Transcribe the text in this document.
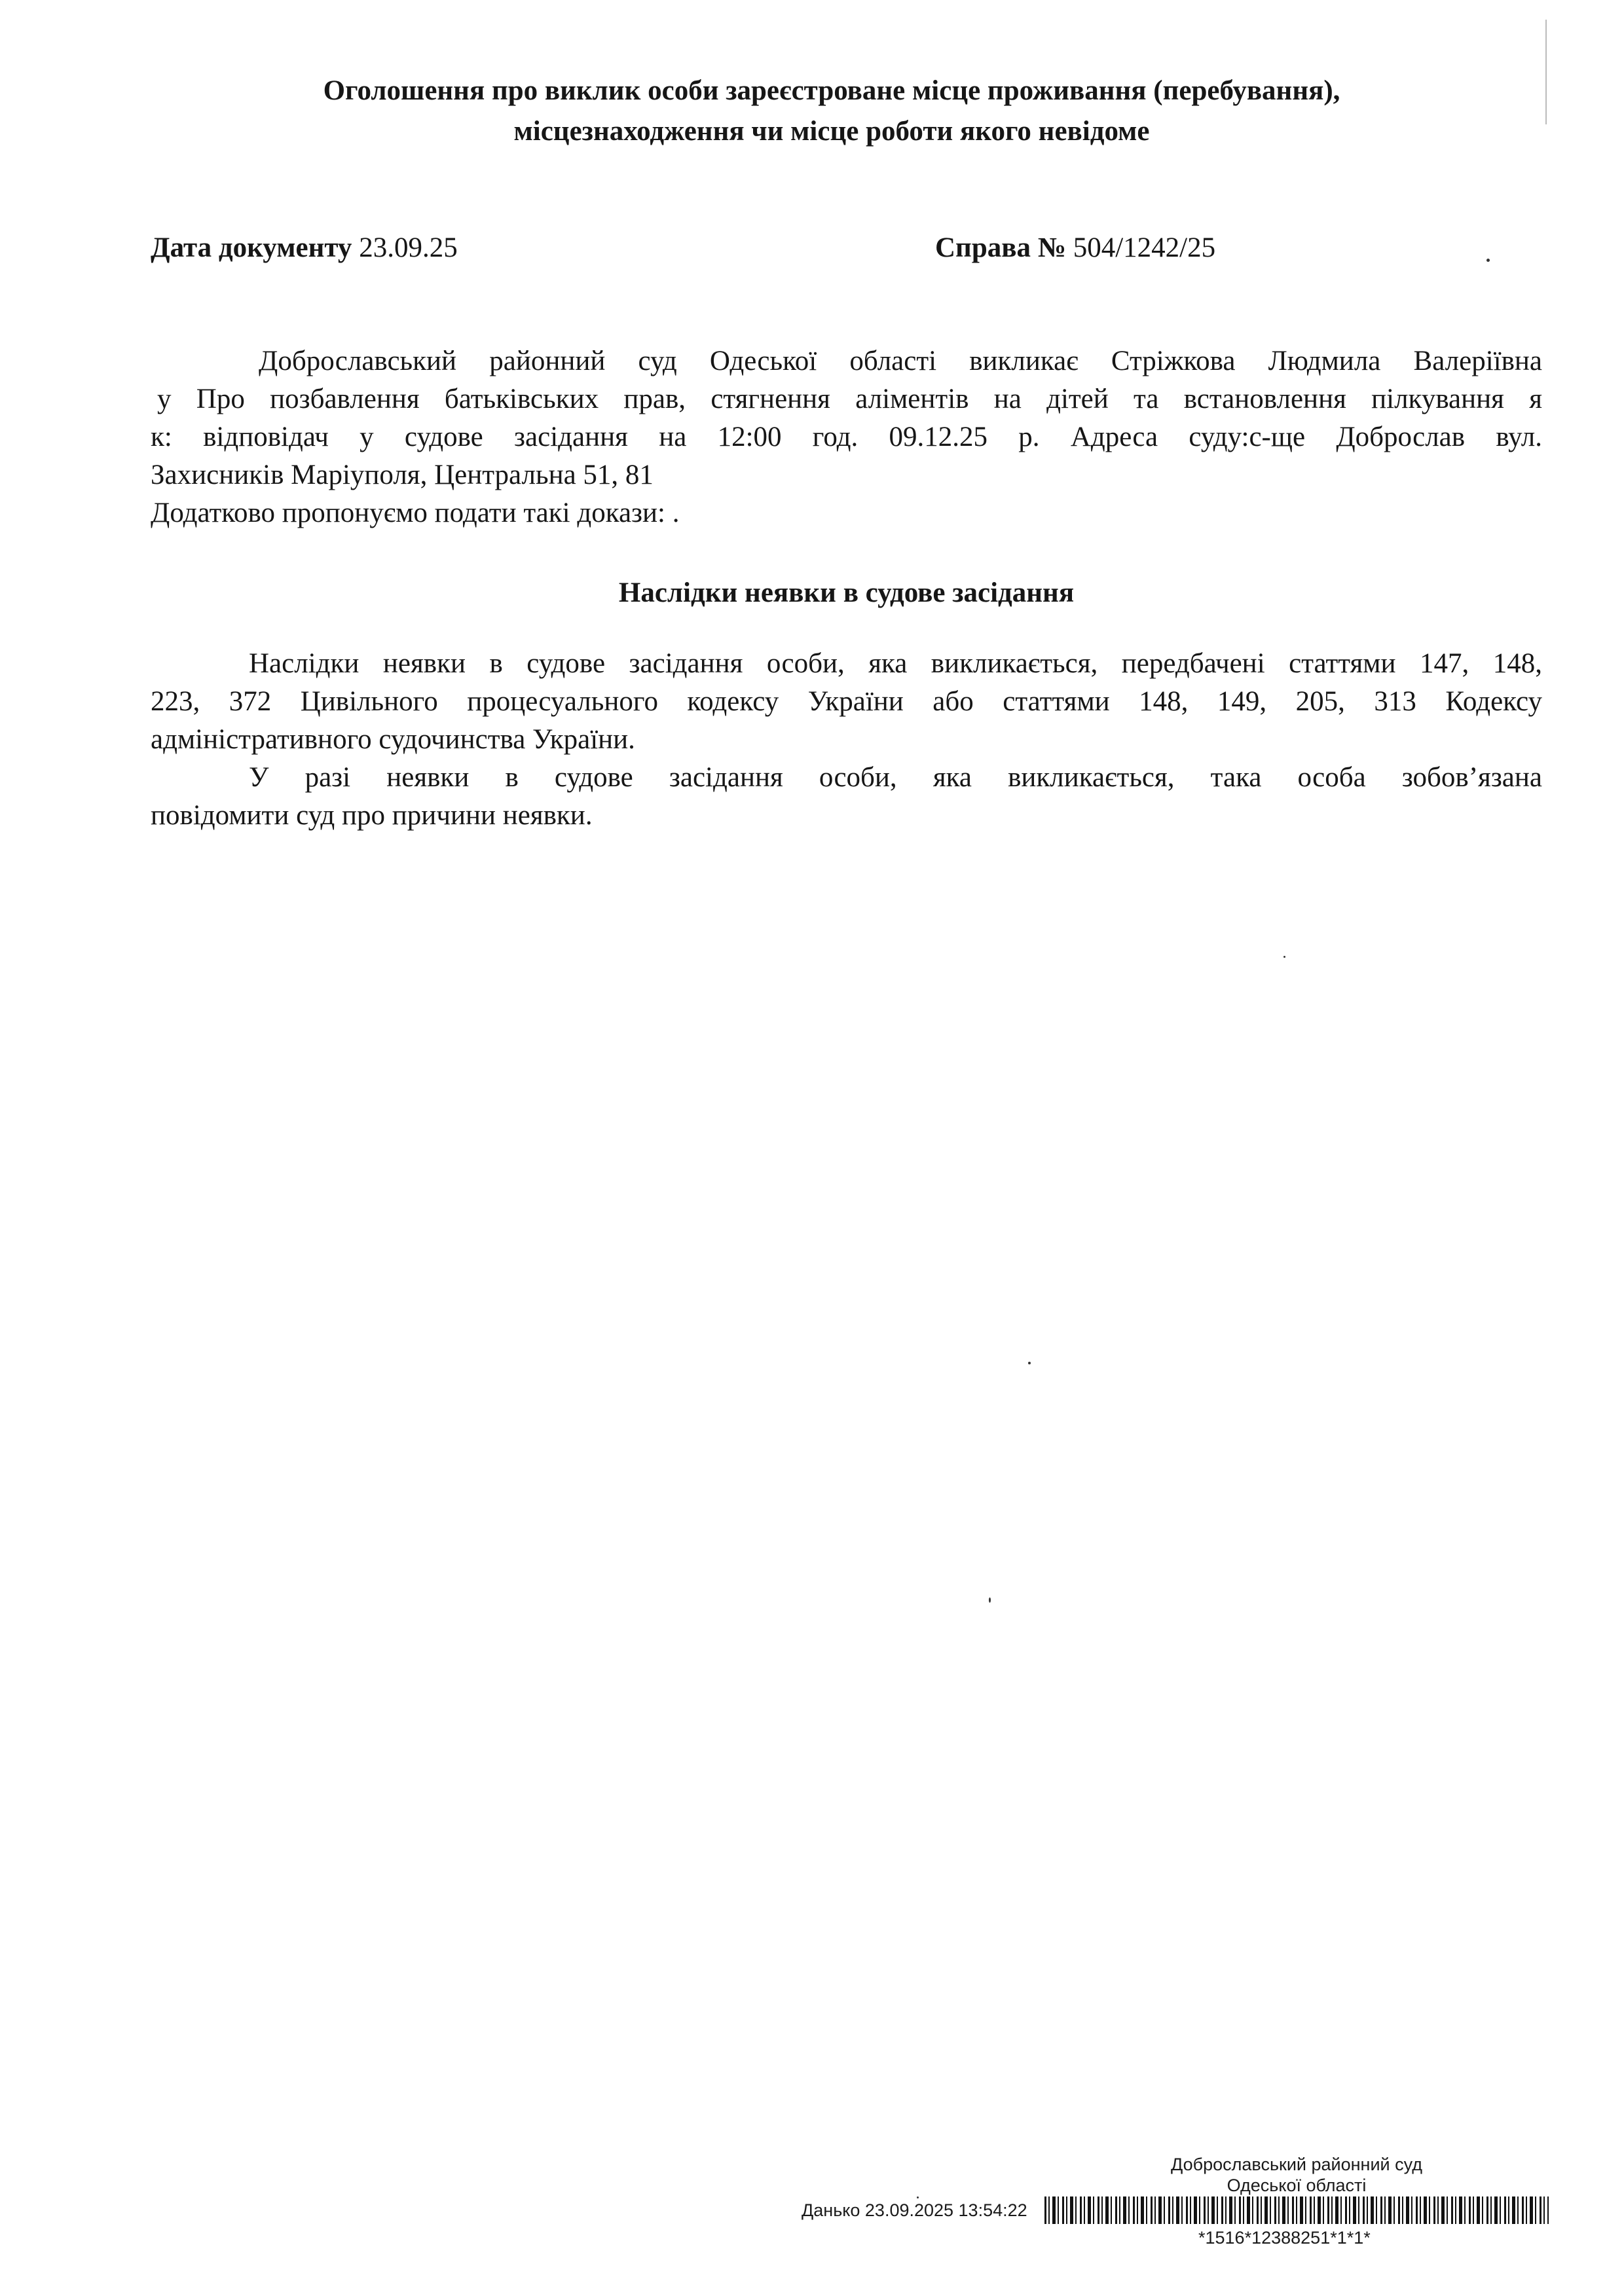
Оголошення про виклик особи зареєстроване місце проживання (перебування),
місцезнаходження чи місце роботи якого невідоме
Дата документу 23.09.25	Справа № 504/1242/25
Доброславський районний суд Одеської області викликає Стріжкова Людмила Валеріївна
у Про позбавлення батьківських прав, стягнення аліментів на дітей та встановлення пілкування я
к: відповідач у судове засідання на 12:00 год. 09.12.25 р. Адреса суду:с-ще Доброслав вул.
Захисників Маріуполя, Центральна 51, 81
Додатково пропонуємо подати такі докази: .
Наслідки неявки в судове засідання
Наслідки неявки в судове засідання особи, яка викликається, передбачені статтями 147, 148,
223, 372 Цивільного процесуального кодексу України або статтями 148, 149, 205, 313 Кодексу
адміністративного судочинства України.
У разі неявки в судове засідання особи, яка викликається, така особа зобов’язана
повідомити суд про причини неявки.
Доброславський районний суд
Одеської області
Данько 23.09.2025 13:54:22
*1516*12388251*1*1*
